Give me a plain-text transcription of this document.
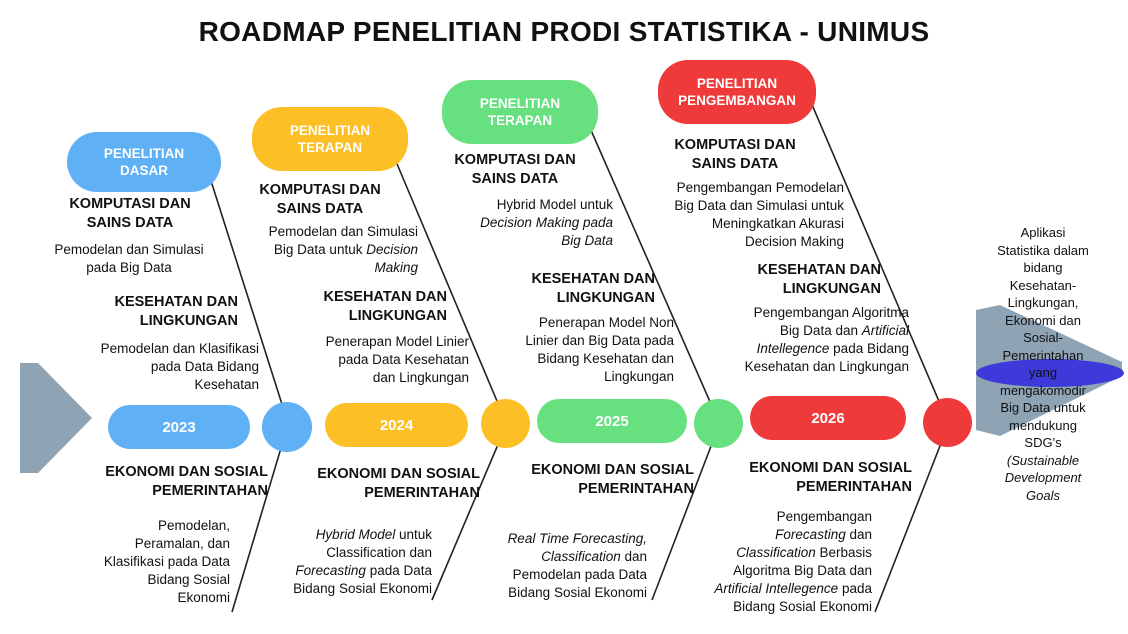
ROADMAP PENELITIAN PRODI STATISTIKA - UNIMUS
PENELITIAN
DASAR
2023
KOMPUTASI DAN
SAINS DATA
Pemodelan dan Simulasi
pada Big Data
KESEHATAN DAN
LINGKUNGAN
Pemodelan dan Klasifikasi
pada Data Bidang
Kesehatan
EKONOMI DAN SOSIAL
PEMERINTAHAN
Pemodelan,
Peramalan, dan
Klasifikasi pada Data
Bidang Sosial
Ekonomi
PENELITIAN
TERAPAN
2024
KOMPUTASI DAN
SAINS DATA
Pemodelan dan Simulasi
Big Data untuk Decision
Making
KESEHATAN DAN
LINGKUNGAN
Penerapan Model Linier
pada Data Kesehatan
dan Lingkungan
EKONOMI DAN SOSIAL
PEMERINTAHAN
Hybrid Model untuk
Classification dan
Forecasting pada Data
Bidang Sosial Ekonomi
PENELITIAN
TERAPAN
2025
KOMPUTASI DAN
SAINS DATA
Hybrid Model untuk
Decision Making pada
Big Data
KESEHATAN DAN
LINGKUNGAN
Penerapan Model Non
Linier dan Big Data pada
Bidang Kesehatan dan
Lingkungan
EKONOMI DAN SOSIAL
PEMERINTAHAN
Real Time Forecasting,
Classification dan
Pemodelan pada Data
Bidang Sosial Ekonomi
PENELITIAN
PENGEMBANGAN
2026
KOMPUTASI DAN
SAINS DATA
Pengembangan Pemodelan
Big Data dan Simulasi untuk
Meningkatkan Akurasi
Decision Making
KESEHATAN DAN
LINGKUNGAN
Pengembangan Algoritma
Big Data dan Artificial
Intellegence pada Bidang
Kesehatan dan Lingkungan
EKONOMI DAN SOSIAL
PEMERINTAHAN
Pengembangan
Forecasting dan
Classification Berbasis
Algoritma Big Data dan
Artificial Intellegence pada
Bidang Sosial Ekonomi
Aplikasi
Statistika dalam
bidang
Kesehatan-
Lingkungan,
Ekonomi dan
Sosial-
Pemerintahan
yang
mengakomodir
Big Data untuk
mendukung
SDG's
(Sustainable
Development
Goals
